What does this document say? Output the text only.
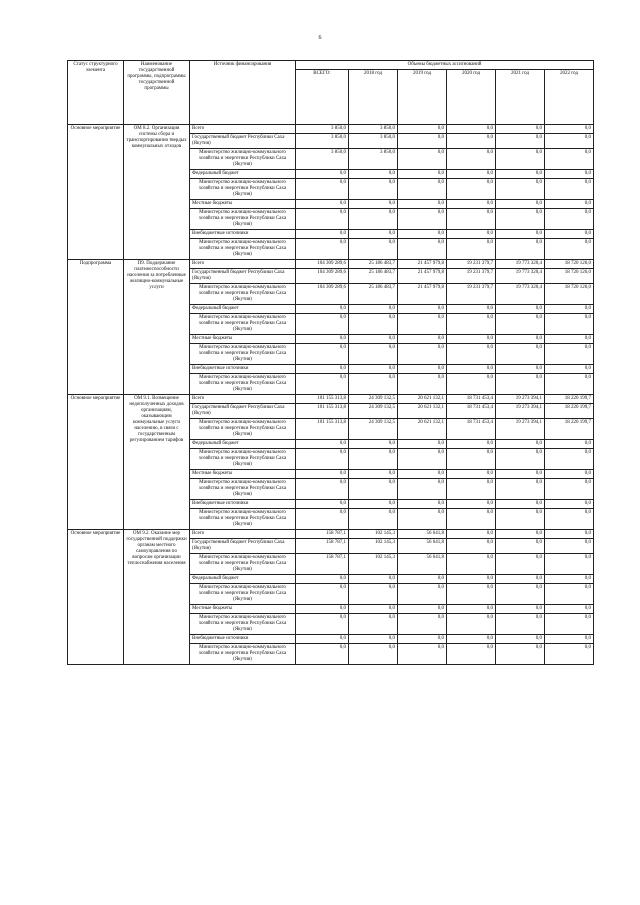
6
Статус структурного элемента	Наименование государственной программы, подпрограммы государственной программы	Источник финансирования	Объемы бюджетных ассигнований					
			ВСЕГО:	2018 год	2019 год	2020 год	2021 год	2022 год
Основное мероприятие	ОМ 8.2. Организация системы сбора и транспортирования твердых коммунальных отходов	Всего	3 850,0	3 850,0	0,0	0,0	0,0	0,0
		Государственный бюджет Республики Саха (Якутия)	3 850,0	3 850,0	0,0	0,0	0,0	0,0
		Министерство жилищно-коммунального хозяйства и энергетики Республики Саха (Якутия)	3 850,0	3 850,0	0,0	0,0	0,0	0,0
		Федеральный бюджет	0,0	0,0	0,0	0,0	0,0	0,0
		Министерство жилищно-коммунального хозяйства и энергетики Республики Саха (Якутия)	0,0	0,0	0,0	0,0	0,0	0,0
		Местные бюджеты	0,0	0,0	0,0	0,0	0,0	0,0
		Министерство жилищно-коммунального хозяйства и энергетики Республики Саха (Якутия)	0,0	0,0	0,0	0,0	0,0	0,0
		Внебюджетные источники	0,0	0,0	0,0	0,0	0,0	0,0
		Министерство жилищно-коммунального хозяйства и энергетики Республики Саха (Якутия)	0,0	0,0	0,0	0,0	0,0	0,0
Подпрограмма	П9. Поддержание платежеспособности населения за потребленные жилищно-коммунальные услуги	Всего	104 309 289,6	25 186 483,7	21 457 979,8	19 231 379,7	19 773 320,4	18 720 126,0
		Государственный бюджет Республики Саха (Якутия)	104 309 289,6	25 186 483,7	21 457 979,8	19 231 379,7	19 773 320,4	18 720 126,0
		Министерство жилищно-коммунального хозяйства и энергетики Республики Саха (Якутия)	104 309 289,6	25 186 483,7	21 457 979,8	19 231 379,7	19 773 320,4	18 720 126,0
		Федеральный бюджет	0,0	0,0	0,0	0,0	0,0	0,0
		Министерство жилищно-коммунального хозяйства и энергетики Республики Саха (Якутия)	0,0	0,0	0,0	0,0	0,0	0,0
		Местные бюджеты	0,0	0,0	0,0	0,0	0,0	0,0
		Министерство жилищно-коммунального хозяйства и энергетики Республики Саха (Якутия)	0,0	0,0	0,0	0,0	0,0	0,0
		Внебюджетные источники	0,0	0,0	0,0	0,0	0,0	0,0
		Министерство жилищно-коммунального хозяйства и энергетики Республики Саха (Якутия)	0,0	0,0	0,0	0,0	0,0	0,0
Основное мероприятие	ОМ 9.1. Возмещение недополученных доходов организациям, оказывающим коммунальные услуги населению, в связи с государственным регулированием тарифов	Всего	101 155 313,8	24 309 132,5	20 621 132,1	18 731 453,4	19 273 394,1	18 220 199,7
		Государственный бюджет Республики Саха (Якутия)	101 155 313,8	24 309 132,5	20 621 132,1	18 731 453,4	19 273 394,1	18 220 199,7
		Министерство жилищно-коммунального хозяйства и энергетики Республики Саха (Якутия)	101 155 313,8	24 309 132,5	20 621 132,1	18 731 453,4	19 273 394,1	18 220 199,7
		Федеральный бюджет	0,0	0,0	0,0	0,0	0,0	0,0
		Министерство жилищно-коммунального хозяйства и энергетики Республики Саха (Якутия)	0,0	0,0	0,0	0,0	0,0	0,0
		Местные бюджеты	0,0	0,0	0,0	0,0	0,0	0,0
		Министерство жилищно-коммунального хозяйства и энергетики Республики Саха (Якутия)	0,0	0,0	0,0	0,0	0,0	0,0
		Внебюджетные источники	0,0	0,0	0,0	0,0	0,0	0,0
		Министерство жилищно-коммунального хозяйства и энергетики Республики Саха (Якутия)	0,0	0,0	0,0	0,0	0,0	0,0
Основное мероприятие	ОМ 9.2. Оказание мер государственной поддержки органам местного самоуправления по вопросам организации теплоснабжения населения	Всего	158 787,1	102 145,3	56 641,8	0,0	0,0	0,0
		Государственный бюджет Республики Саха (Якутия)	158 787,1	102 145,3	56 641,8	0,0	0,0	0,0
		Министерство жилищно-коммунального хозяйства и энергетики Республики Саха (Якутия)	158 787,1	102 145,3	56 641,8	0,0	0,0	0,0
		Федеральный бюджет	0,0	0,0	0,0	0,0	0,0	0,0
		Министерство жилищно-коммунального хозяйства и энергетики Республики Саха (Якутия)	0,0	0,0	0,0	0,0	0,0	0,0
		Местные бюджеты	0,0	0,0	0,0	0,0	0,0	0,0
		Министерство жилищно-коммунального хозяйства и энергетики Республики Саха (Якутия)	0,0	0,0	0,0	0,0	0,0	0,0
		Внебюджетные источники	0,0	0,0	0,0	0,0	0,0	0,0
		Министерство жилищно-коммунального хозяйства и энергетики Республики Саха (Якутия)	0,0	0,0	0,0	0,0	0,0	0,0
